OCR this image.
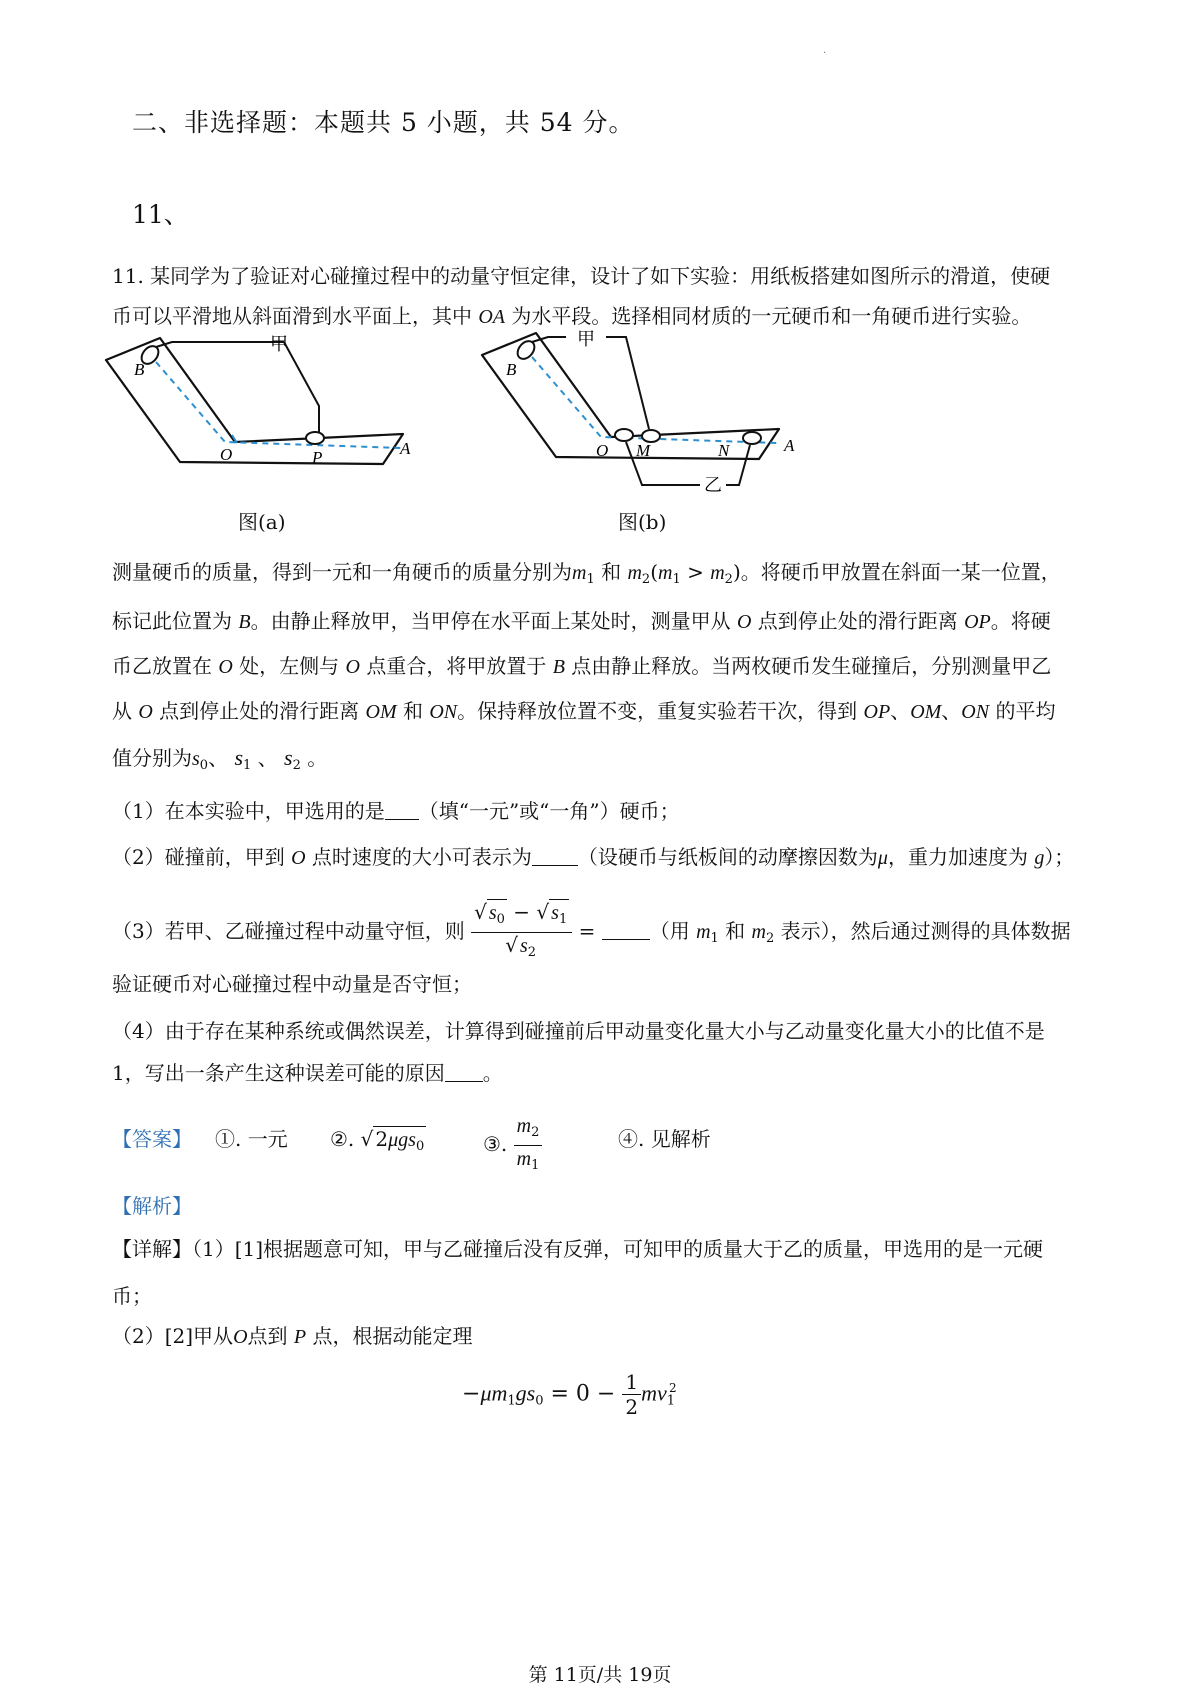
.
二、非选择题：本题共 5 小题，共 54 分。
11、
11. 某同学为了验证对心碰撞过程中的动量守恒定律，设计了如下实验：用纸板搭建如图所示的滑道，使硬
币可以平滑地从斜面滑到水平面上，其中 OA 为水平段。选择相同材质的一元硬币和一角硬币进行实验。
甲
B
O	P	A
图(a)
甲
B
O M	N	A
乙
图(b)
测量硬币的质量，得到一元和一角硬币的质量分别为$m_1$ 和 $m_2(m_1 > m_2)$。将硬币甲放置在斜面一某一位置，
标记此位置为 B。由静止释放甲，当甲停在水平面上某处时，测量甲从 O 点到停止处的滑行距离 OP。将硬
币乙放置在 O 处，左侧与 O 点重合，将甲放置于 B 点由静止释放。当两枚硬币发生碰撞后，分别测量甲乙
从 O 点到停止处的滑行距离 OM 和 ON。保持释放位置不变，重复实验若干次，得到 OP、OM、ON 的平均
值分别为$s_0$、 $s_1$ 、 $s_2$ 。
（1）在本实验中，甲选用的是 （填“一元”或“一角”）硬币；
（2）碰撞前，甲到 O 点时速度的大小可表示为 （设硬币与纸板间的动摩擦因数为μ，重力加速度为 g）；
（3）若甲、乙碰撞过程中动量守恒，则 $\frac{√ s_0 - √ s_1}{√ s_2}$ = （用 $m_1$ 和 $m_2$ 表示），然后通过测得的具体数据
验证硬币对心碰撞过程中动量是否守恒；
（4）由于存在某种系统或偶然误差，计算得到碰撞前后甲动量变化量大小与乙动量变化量大小的比值不是
1，写出一条产生这种误差可能的原因 。
【答案】 ①. 一元 ②. √ 2μgs$_0$	③. $\frac{m_2}{m_1}$	④. 见解析
【解析】
【详解】（1）[1]根据题意可知，甲与乙碰撞后没有反弹，可知甲的质量大于乙的质量，甲选用的是一元硬
币；
（2）[2]甲从O点到 P 点，根据动能定理
$-\mu m_1gs_0 = 0 - \frac{1}{2} mv_1^2$
第 11页/共 19页
